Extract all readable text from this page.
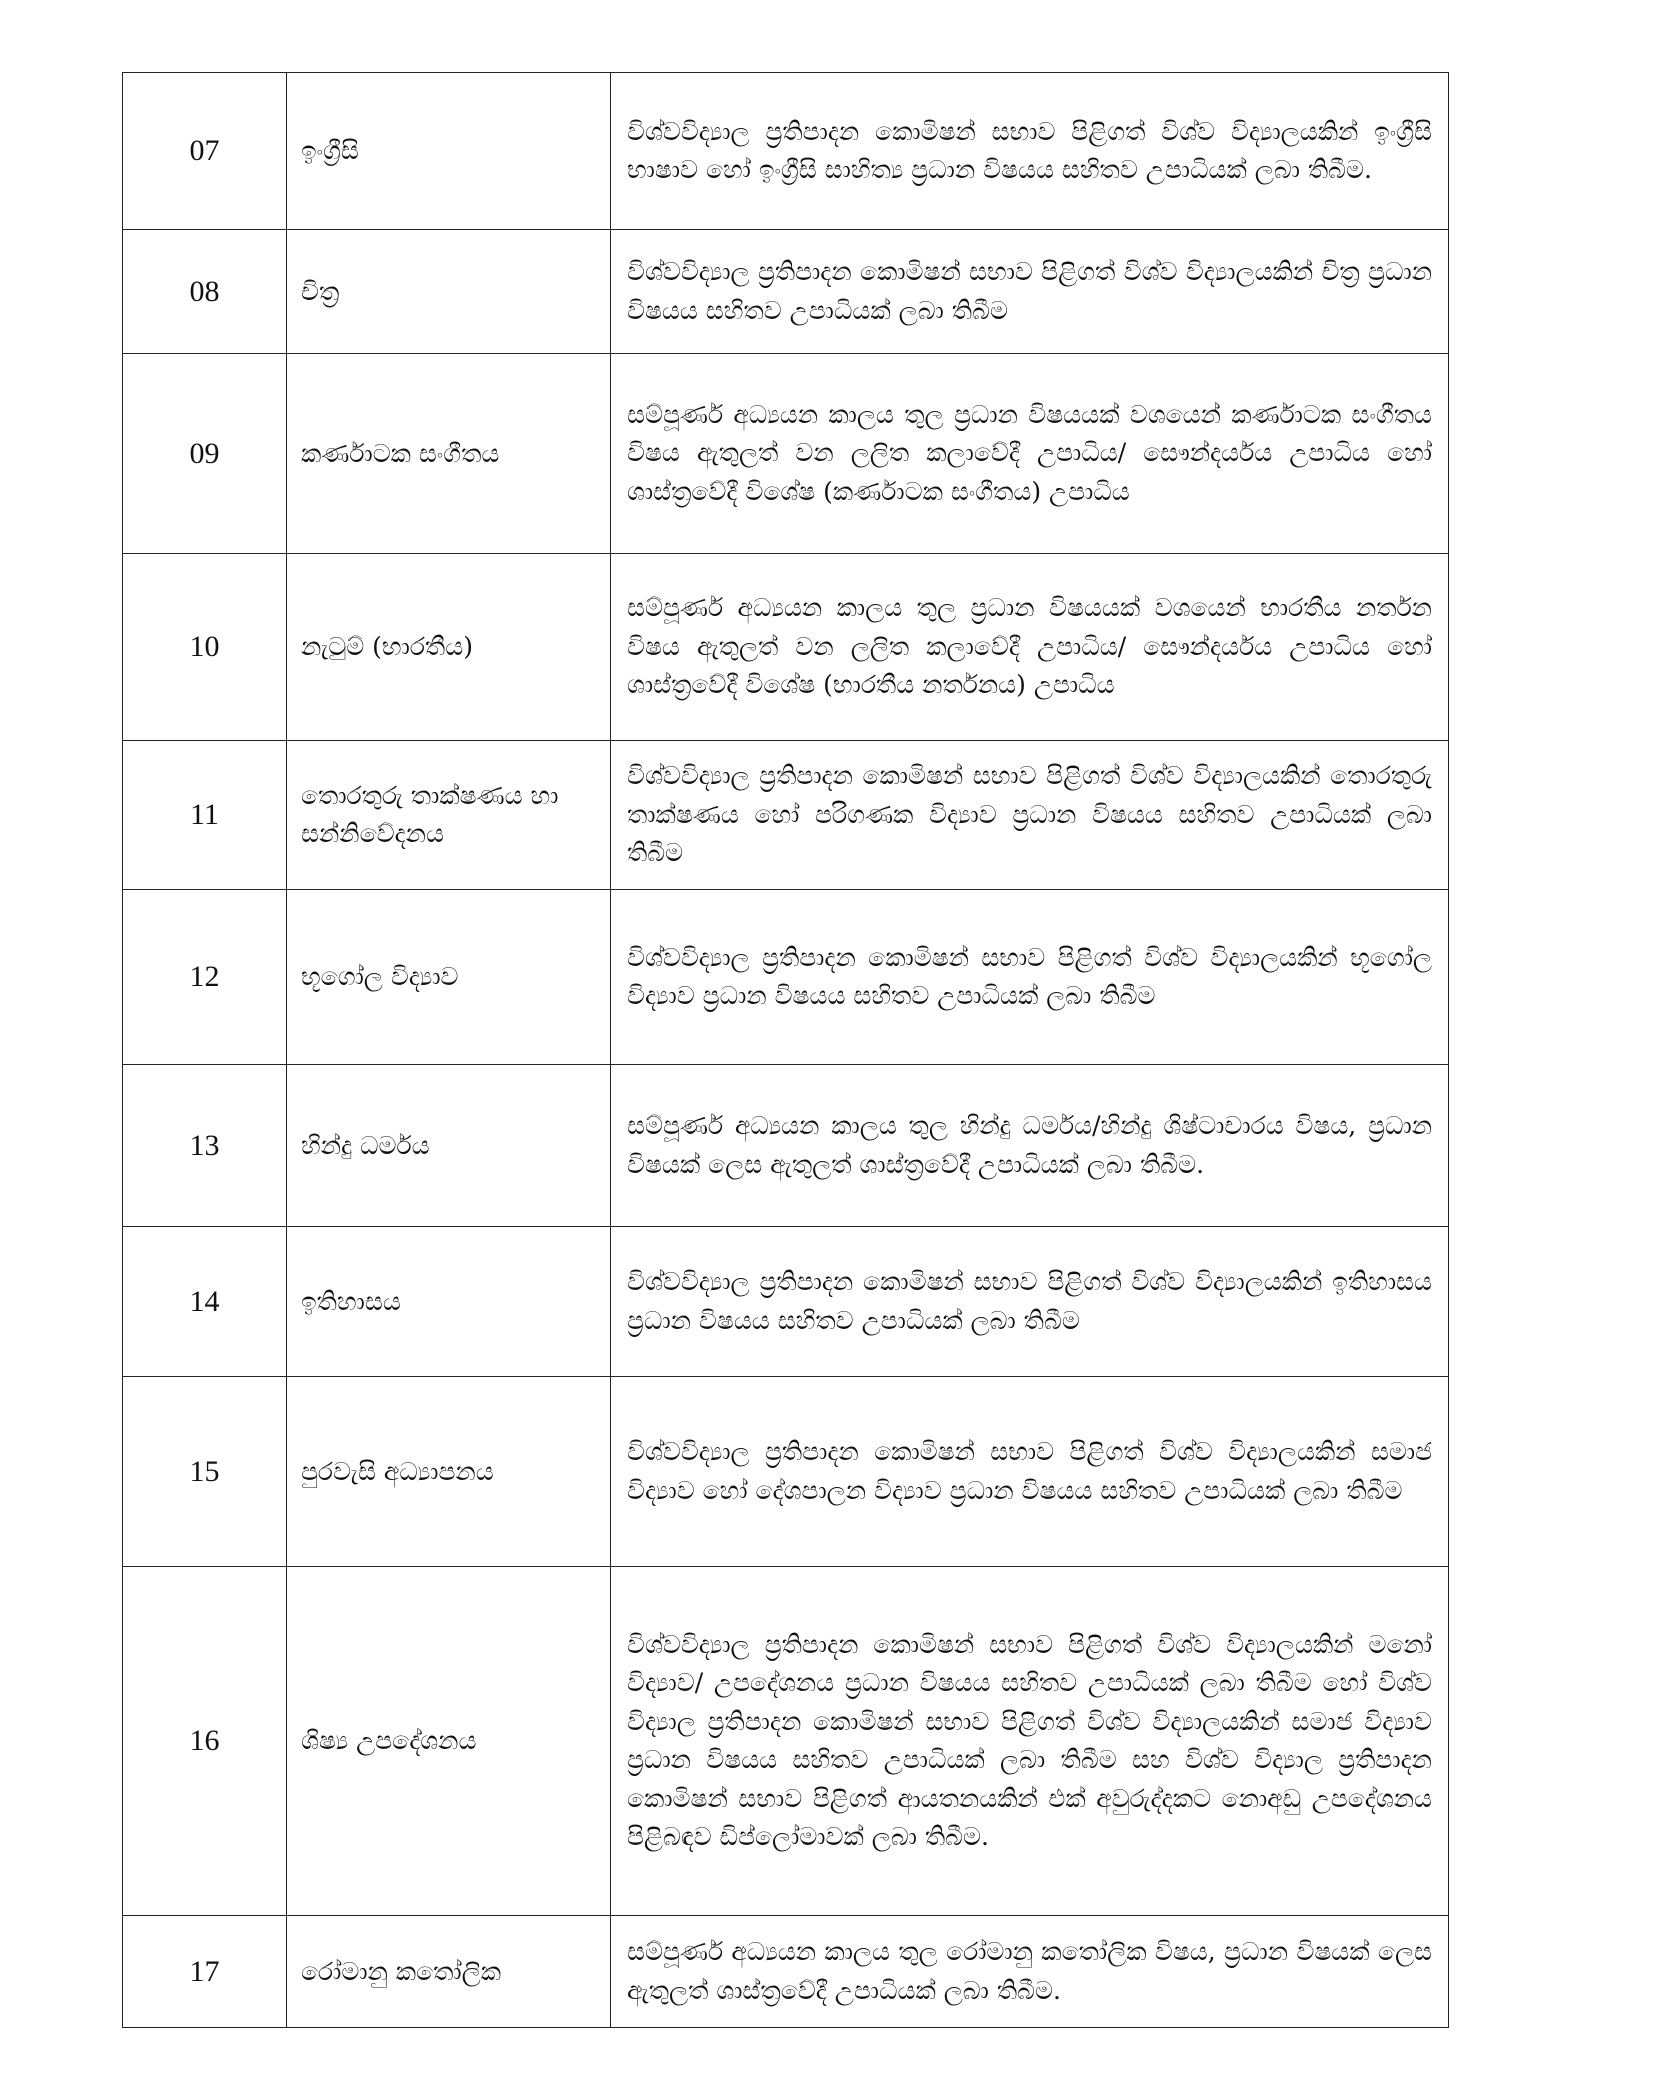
07	ඉංග්‍රීසි	විශ්වවිද්‍යාල ප්‍රතිපාදන කොමිෂන් සභාව පිළිගත් විශ්ව විද්‍යාලයකින් ඉංග්‍රීසි භාෂාව හෝ ඉංග්‍රීසි සාහිත්‍ය ප්‍රධාන විෂයය සහිතව උපාධියක් ලබා තිබීම.
08	චිත්‍ර	විශ්වවිද්‍යාල ප්‍රතිපාදන කොමිෂන් සභාව පිළිගත් විශ්ව විද්‍යාලයකින් චිත්‍ර ප්‍රධාන විෂයය සහිතව උපාධියක් ලබා තිබීම
09	කර්ණාටක සංගීතය	සම්පූර්ණ අධ්‍යයන කාලය තුල ප්‍රධාන විෂයයක් වශයෙන් කර්ණාටක සංගීතය විෂය ඇතුලත් වන ලලිත කලාවේදී උපාධිය/ සෞන්දර්යය උපාධිය හෝ ශාස්ත්‍රවේදී විශේෂ (කර්ණාටක සංගීතය) උපාධිය
10	නැටුම් (භාරතීය)	සම්පූර්ණ අධ්‍යයන කාලය තුල ප්‍රධාන විෂයයක් වශයෙන් භාරතීය නර්තන විෂය ඇතුලත් වන ලලිත කලාවේදී උපාධිය/ සෞන්දර්යය උපාධිය හෝ ශාස්ත්‍රවේදී විශේෂ (භාරතීය නර්තනය) උපාධිය
11	තොරතුරු තාක්ෂණය හා සන්නිවේදනය	විශ්වවිද්‍යාල ප්‍රතිපාදන කොමිෂන් සභාව පිළිගත් විශ්ව විද්‍යාලයකින් තොරතුරු තාක්ෂණය හෝ පරිගණක විද්‍යාව ප්‍රධාන විෂයය සහිතව උපාධියක් ලබා තිබීම
12	භූගෝල විද්‍යාව	විශ්වවිද්‍යාල ප්‍රතිපාදන කොමිෂන් සභාව පිළිගත් විශ්ව විද්‍යාලයකින් භූගෝල විද්‍යාව ප්‍රධාන විෂයය සහිතව උපාධියක් ලබා තිබීම
13	හින්දු ධර්මය	සම්පූර්ණ අධ්‍යයන කාලය තුල හින්දු ධර්මය/හින්දු ශිෂ්ටාචාරය විෂය, ප්‍රධාන විෂයක් ලෙස ඇතුලත් ශාස්ත්‍රවේදී උපාධියක් ලබා තිබීම.
14	ඉතිහාසය	විශ්වවිද්‍යාල ප්‍රතිපාදන කොමිෂන් සභාව පිළිගත් විශ්ව විද්‍යාලයකින් ඉතිහාසය ප්‍රධාන විෂයය සහිතව උපාධියක් ලබා තිබීම
15	පුරවැසි අධ්‍යාපනය	විශ්වවිද්‍යාල ප්‍රතිපාදන කොමිෂන් සභාව පිළිගත් විශ්ව විද්‍යාලයකින් සමාජ විද්‍යාව හෝ දේශපාලන විද්‍යාව ප්‍රධාන විෂයය සහිතව උපාධියක් ලබා තිබීම
16	ශිෂ්‍ය උපදේශනය	විශ්වවිද්‍යාල ප්‍රතිපාදන කොමිෂන් සභාව පිළිගත් විශ්ව විද්‍යාලයකින් මනෝ විද්‍යාව/ උපදේශනය ප්‍රධාන විෂයය සහිතව උපාධියක් ලබා තිබීම හෝ විශ්ව විද්‍යාල ප්‍රතිපාදන කොමිෂන් සභාව පිළිගත් විශ්ව විද්‍යාලයකින් සමාජ විද්‍යාව ප්‍රධාන විෂයය සහිතව උපාධියක් ලබා තිබීම සහ විශ්ව විද්‍යාල ප්‍රතිපාදන කොමිෂන් සභාව පිළිගත් ආයතනයකින් එක් අවුරුද්දකට නොඅඩු උපදේශනය පිළිබඳව ඩිප්ලෝමාවක් ලබා තිබීම.
17	රෝමානු කතෝලික	සම්පූර්ණ අධ්‍යයන කාලය තුල රෝමානු කතෝලික විෂය, ප්‍රධාන විෂයක් ලෙස ඇතුලත් ශාස්ත්‍රවේදී උපාධියක් ලබා තිබීම.
